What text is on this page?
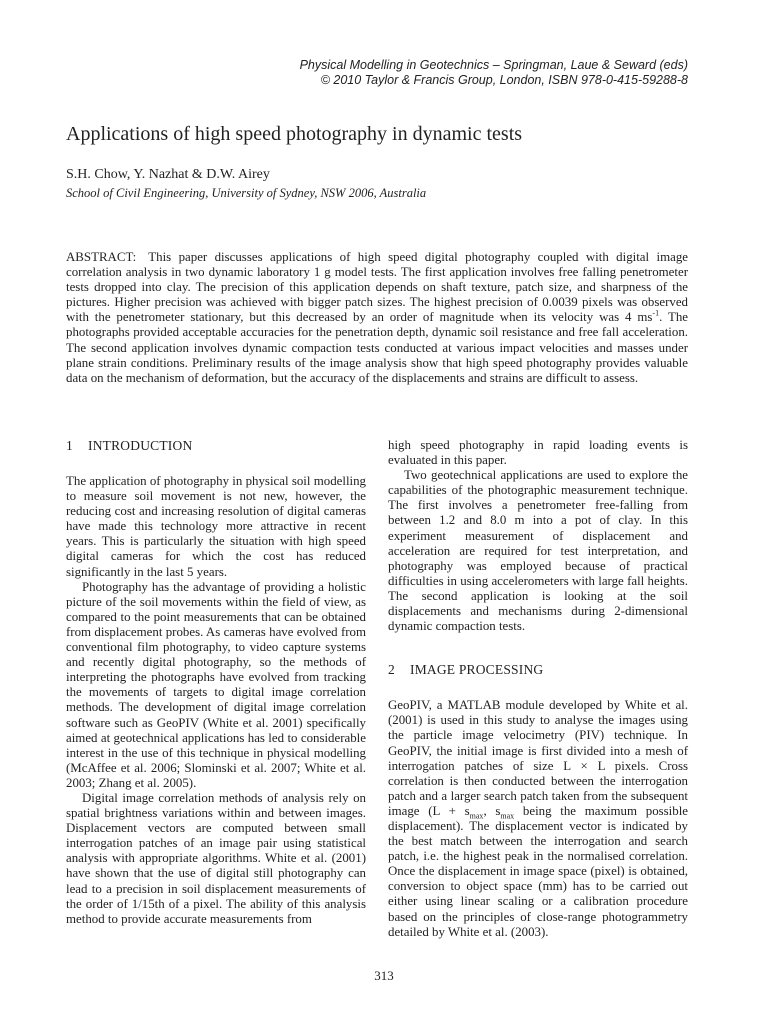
Physical Modelling in Geotechnics – Springman, Laue & Seward (eds)
© 2010 Taylor & Francis Group, London, ISBN 978-0-415-59288-8
Applications of high speed photography in dynamic tests
S.H. Chow, Y. Nazhat & D.W. Airey
School of Civil Engineering, University of Sydney, NSW 2006, Australia
ABSTRACT: This paper discusses applications of high speed digital photography coupled with digital image correlation analysis in two dynamic laboratory 1 g model tests. The first application involves free falling penetrometer tests dropped into clay. The precision of this application depends on shaft texture, patch size, and sharpness of the pictures. Higher precision was achieved with bigger patch sizes. The highest precision of 0.0039 pixels was observed with the penetrometer stationary, but this decreased by an order of magnitude when its velocity was 4 $ms^{-1}$. The photographs provided acceptable accuracies for the penetration depth, dynamic soil resistance and free fall acceleration. The second application involves dynamic compaction tests conducted at various impact velocities and masses under plane strain conditions. Preliminary results of the image analysis show that high speed photography provides valuable data on the mechanism of deformation, but the accuracy of the displacements and strains are difficult to assess.
1 INTRODUCTION

The application of photography in physical soil modelling to measure soil movement is not new, however, the reducing cost and increasing resolution of digital cameras have made this technology more attractive in recent years. This is particularly the situation with high speed digital cameras for which the cost has reduced significantly in the last 5 years.

Photography has the advantage of providing a holistic picture of the soil movements within the field of view, as compared to the point measurements that can be obtained from displacement probes. As cameras have evolved from conventional film photography, to video capture systems and recently digital photography, so the methods of interpreting the photographs have evolved from tracking the movements of targets to digital image correlation methods. The development of digital image correlation software such as GeoPIV (White et al. 2001) specifically aimed at geotechnical applications has led to considerable interest in the use of this technique in physical modelling (McAffee et al. 2006; Slominski et al. 2007; White et al. 2003; Zhang et al. 2005).

Digital image correlation methods of analysis rely on spatial brightness variations within and between images. Displacement vectors are computed between small interrogation patches of an image pair using statistical analysis with appropriate algorithms. White et al. (2001) have shown that the use of digital still photography can lead to a precision in soil displacement measurements of the order of 1/15th of a pixel. The ability of this analysis method to provide accurate measurements from

high speed photography in rapid loading events is evaluated in this paper.

Two geotechnical applications are used to explore the capabilities of the photographic measurement technique. The first involves a penetrometer free-falling from between 1.2 and 8.0 m into a pot of clay. In this experiment measurement of displacement and acceleration are required for test interpretation, and photography was employed because of practical difficulties in using accelerometers with large fall heights. The second application is looking at the soil displacements and mechanisms during 2-dimensional dynamic compaction tests.

2 IMAGE PROCESSING

GeoPIV, a MATLAB module developed by White et al. (2001) is used in this study to analyse the images using the particle image velocimetry (PIV) technique. In GeoPIV, the initial image is first divided into a mesh of interrogation patches of size L × L pixels. Cross correlation is then conducted between the interrogation patch and a larger search patch taken from the subsequent image ($L + s_{max}$, $s_{max}$ being the maximum possible displacement). The displacement vector is indicated by the best match between the interrogation and search patch, i.e. the highest peak in the normalised correlation. Once the displacement in image space (pixel) is obtained, conversion to object space (mm) has to be carried out either using linear scaling or a calibration procedure based on the principles of close-range photogrammetry detailed by White et al. (2003).

313
